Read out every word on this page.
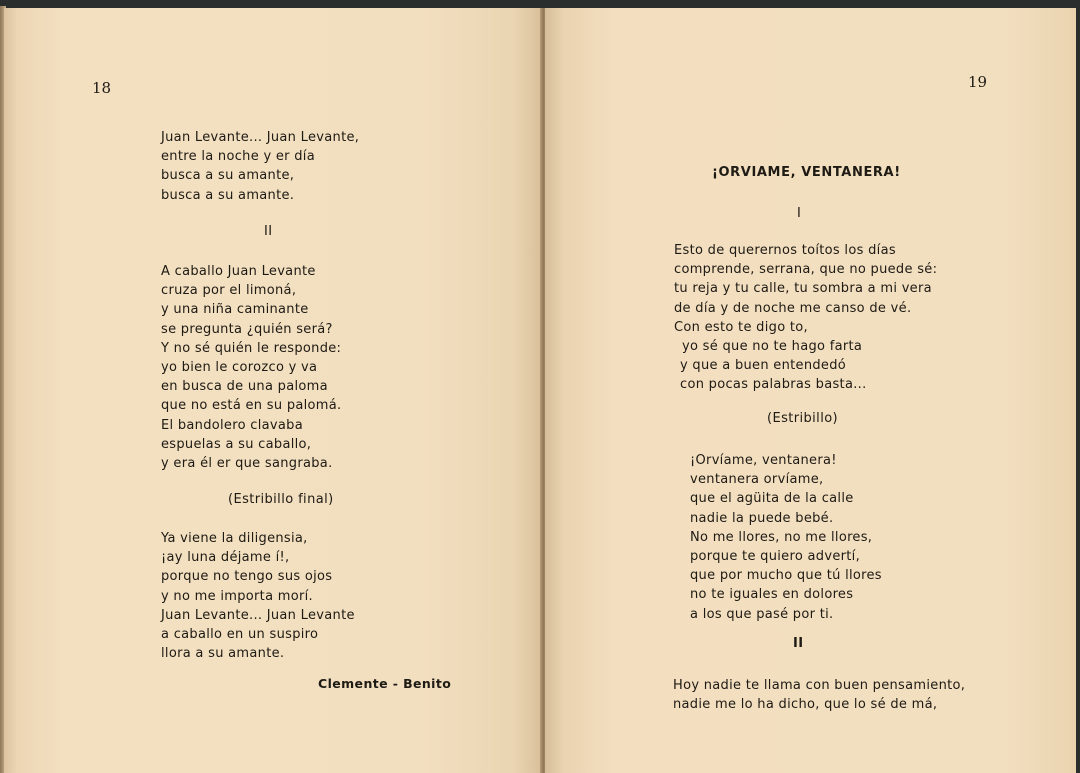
18
Juan Levante... Juan Levante,
entre la noche y er día
busca a su amante,
busca a su amante.
II
A caballo Juan Levante
cruza por el limoná,
y una niña caminante
se pregunta ¿quién será?
Y no sé quién le responde:
yo bien le corozco y va
en busca de una paloma
que no está en su palomá.
El bandolero clavaba
espuelas a su caballo,
y era él er que sangraba.
(Estribillo final)
Ya viene la diligensia,
¡ay luna déjame í!,
porque no tengo sus ojos
y no me importa morí.
Juan Levante... Juan Levante
a caballo en un suspiro
llora a su amante.
Clemente - Benito
19
¡ORVIAME, VENTANERA!
I
Esto de querernos toítos los días
comprende, serrana, que no puede sé:
tu reja y tu calle, tu sombra a mi vera
de día y de noche me canso de vé.
Con esto te digo to,
yo sé que no te hago farta
y que a buen entendedó
con pocas palabras basta...
(Estribillo)
¡Orvíame, ventanera!
ventanera orvíame,
que el agüita de la calle
nadie la puede bebé.
No me llores, no me llores,
porque te quiero advertí,
que por mucho que tú llores
no te iguales en dolores
a los que pasé por ti.
II
Hoy nadie te llama con buen pensamiento,
nadie me lo ha dicho, que lo sé de má,
